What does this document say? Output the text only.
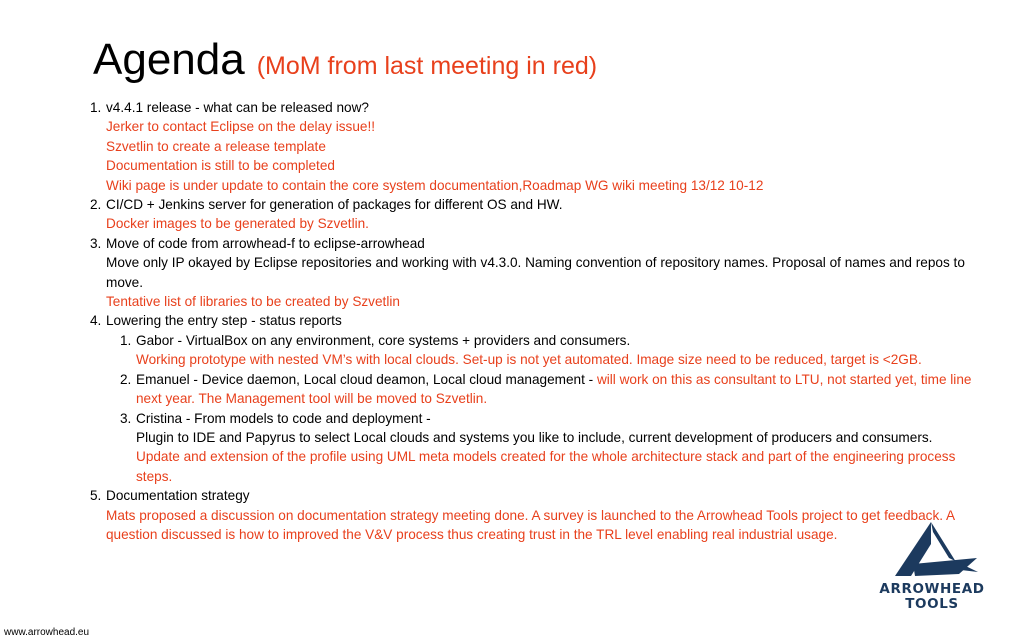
Agenda (MoM from last meeting in red)
1. v4.4.1 release - what can be released now?
Jerker to contact Eclipse on the delay issue!!
Szvetlin to create a release template
Documentation is still to be completed
Wiki page is under update to contain the core system documentation,Roadmap WG wiki meeting 13/12 10-12
2. CI/CD + Jenkins server for generation of packages for different OS and HW.
Docker images to be generated by Szvetlin.
3. Move of code from arrowhead-f to eclipse-arrowhead
Move only IP okayed by Eclipse repositories and working with v4.3.0. Naming convention of repository names. Proposal of names and repos to move.
Tentative list of libraries to be created by Szvetlin
4. Lowering the entry step - status reports
1. Gabor - VirtualBox on any environment, core systems + providers and consumers.
Working prototype with nested VM’s with local clouds. Set-up is not yet automated. Image size need to be reduced, target is <2GB.
2. Emanuel - Device daemon, Local cloud deamon, Local cloud management - will work on this as consultant to LTU, not started yet, time line next year. The Management tool will be moved to Szvetlin.
3. Cristina - From models to code and deployment -
Plugin to IDE and Papyrus to select Local clouds and systems you like to include, current development of producers and consumers.
Update and extension of the profile using UML meta models created for the whole architecture stack and part of the engineering process steps.
5. Documentation strategy
Mats proposed a discussion on documentation strategy meeting done. A survey is launched to the Arrowhead Tools project to get feedback. A question discussed is how to improved the V&V process thus creating trust in the TRL level enabling real industrial usage.
ARROWHEAD
TOOLS
www.arrowhead.eu
